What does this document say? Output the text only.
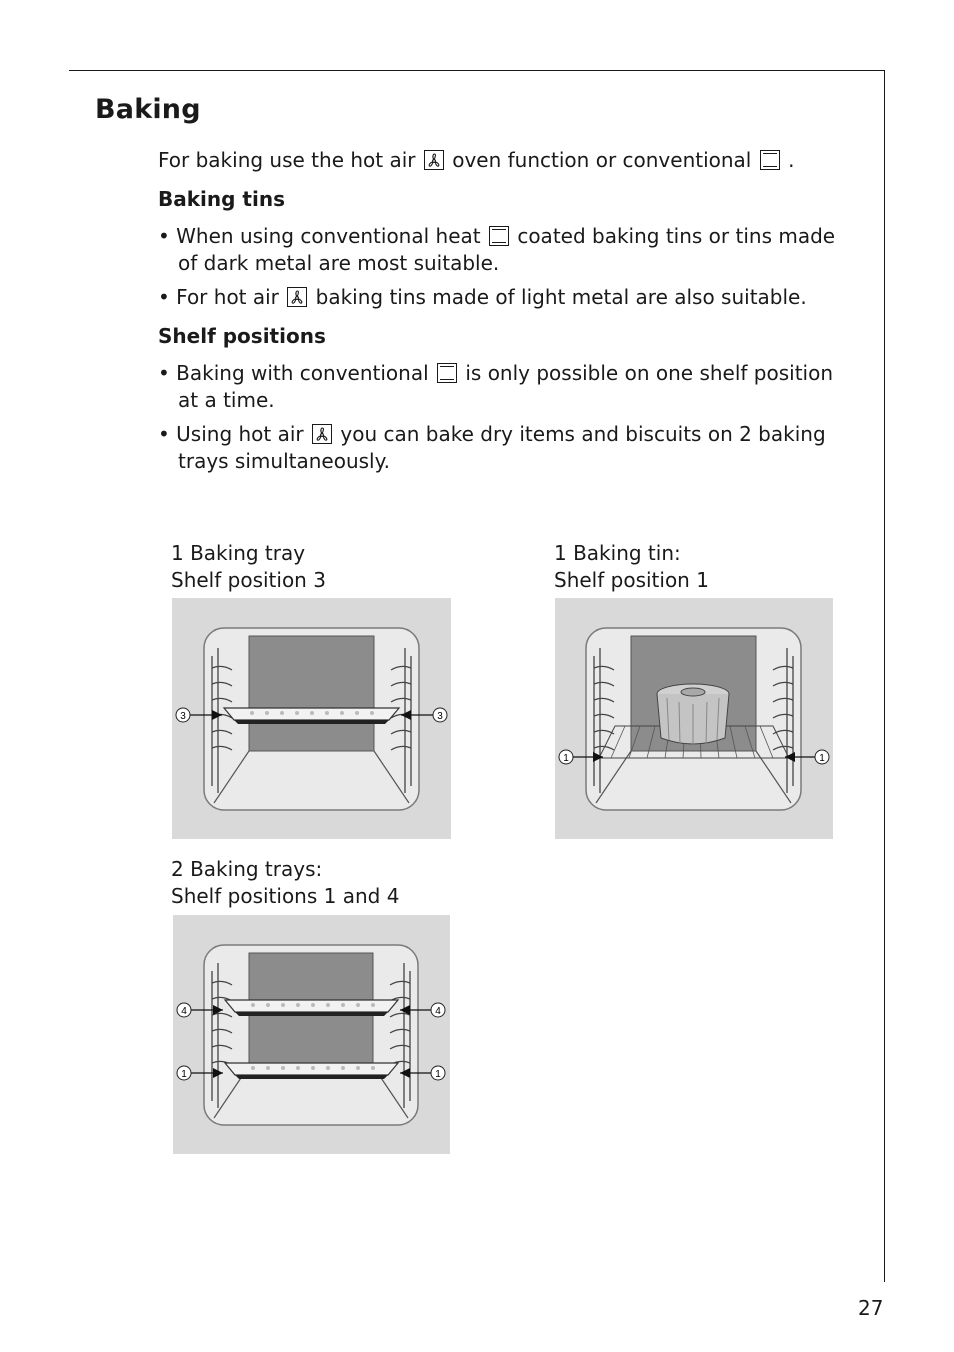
Baking
For baking use the hot air oven function or conventional .
Baking tins
• When using conventional heat coated baking tins or tins made of dark metal are most suitable.
• For hot air baking tins made of light metal are also suitable.
Shelf positions
• Baking with conventional is only possible on one shelf position at a time.
• Using hot air you can bake dry items and biscuits on 2 baking trays simultaneously.
1 Baking tray
Shelf position 3
3	3
1 Baking tin:
Shelf position 1
1	1
2 Baking trays:
Shelf positions 1 and 4
4	4
1	1
27
